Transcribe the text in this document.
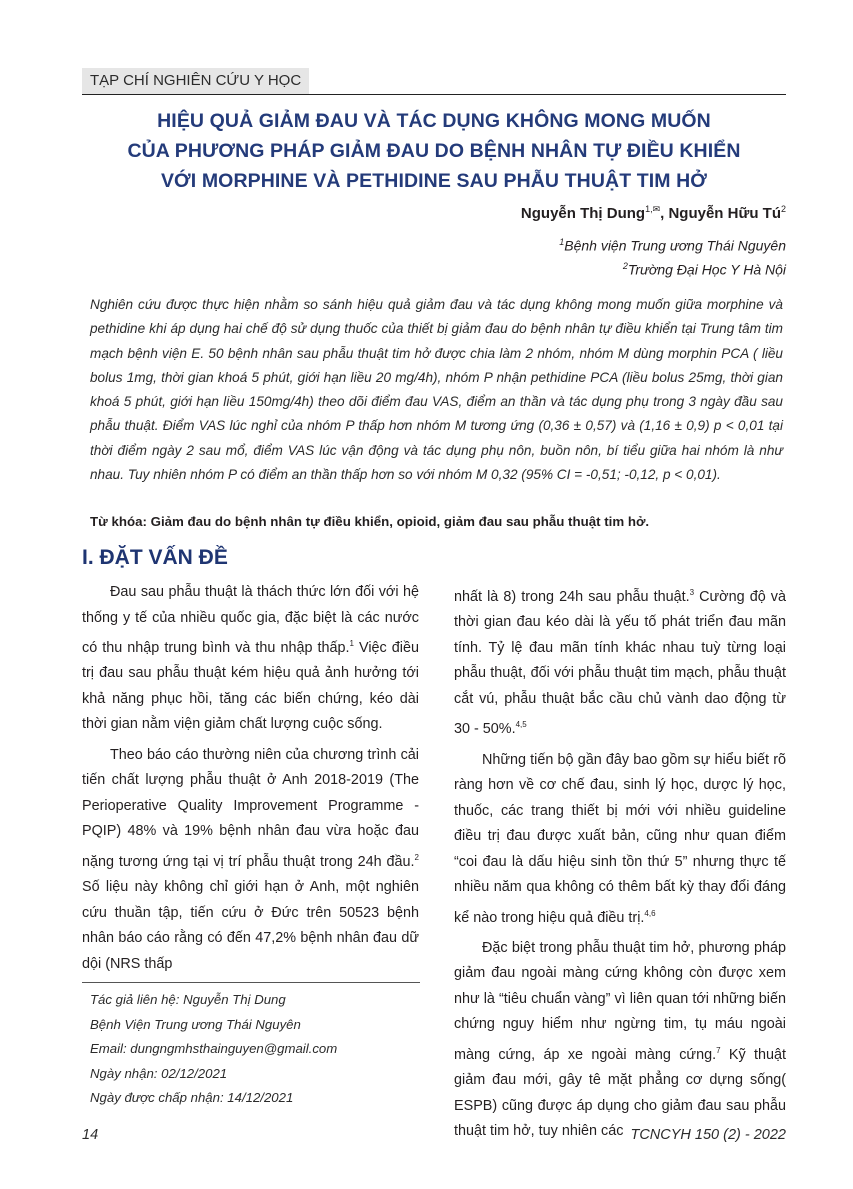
TẠP CHÍ NGHIÊN CỨU Y HỌC
HIỆU QUẢ GIẢM ĐAU VÀ TÁC DỤNG KHÔNG MONG MUỐN
CỦA PHƯƠNG PHÁP GIẢM ĐAU DO BỆNH NHÂN TỰ ĐIỀU KHIỂN
VỚI MORPHINE VÀ PETHIDINE SAU PHẪU THUẬT TIM HỞ
Nguyễn Thị Dung$^{1,✉}$, Nguyễn Hữu $Tú^2$
$^1$Bệnh viện Trung ương Thái Nguyên
$^2$Trường Đại Học Y Hà Nội
Nghiên cứu được thực hiện nhằm so sánh hiệu quả giảm đau và tác dụng không mong muốn giữa morphine và pethidine khi áp dụng hai chế độ sử dụng thuốc của thiết bị giảm đau do bệnh nhân tự điều khiển tại Trung tâm tim mạch bệnh viện E. 50 bệnh nhân sau phẫu thuật tim hở được chia làm 2 nhóm, nhóm M dùng morphin PCA ( liều bolus 1mg, thời gian khoá 5 phút, giới hạn liều 20 mg/4h), nhóm P nhận pethidine PCA (liều bolus 25mg, thời gian khoá 5 phút, giới hạn liều 150mg/4h) theo dõi điểm đau VAS, điểm an thần và tác dụng phụ trong 3 ngày đầu sau phẫu thuật. Điểm VAS lúc nghỉ của nhóm P thấp hơn nhóm M tương ứng (0,36 ± 0,57) và (1,16 ± 0,9) p < 0,01 tại thời điểm ngày 2 sau mổ, điểm VAS lúc vận động và tác dụng phụ nôn, buồn nôn, bí tiểu giữa hai nhóm là như nhau. Tuy nhiên nhóm P có điểm an thần thấp hơn so với nhóm M 0,32 (95% CI = -0,51; -0,12, p < 0,01).
Từ khóa: Giảm đau do bệnh nhân tự điều khiển, opioid, giảm đau sau phẫu thuật tim hở.
I. ĐẶT VẤN ĐỀ

Đau sau phẫu thuật là thách thức lớn đối với hệ thống y tế của nhiều quốc gia, đặc biệt là các nước có thu nhập trung bình và thu nhập thấp.$^1$ Việc điều trị đau sau phẫu thuật kém hiệu quả ảnh hưởng tới khả năng phục hồi, tăng các biến chứng, kéo dài thời gian nằm viện giảm chất lượng cuộc sống.

Theo báo cáo thường niên của chương trình cải tiến chất lượng phẫu thuật ở Anh 2018-2019 (The Perioperative Quality Improvement Programme - PQIP) 48% và 19% bệnh nhân đau vừa hoặc đau nặng tương ứng tại vị trí phẫu thuật trong 24h đầu.$^2$ Số liệu này không chỉ giới hạn ở Anh, một nghiên cứu thuần tập, tiến cứu ở Đức trên 50523 bệnh nhân báo cáo rằng có đến 47,2% bệnh nhân đau dữ dội (NRS thấp

nhất là 8) trong 24h sau phẫu thuật.$^3$ Cường độ và thời gian đau kéo dài là yếu tố phát triển đau mãn tính. Tỷ lệ đau mãn tính khác nhau tuỳ từng loại phẫu thuật, đối với phẫu thuật tim mạch, phẫu thuật cắt vú, phẫu thuật bắc cầu chủ vành dao động từ 30 - 50%.$^{4,5}$

Những tiến bộ gần đây bao gồm sự hiểu biết rõ ràng hơn về cơ chế đau, sinh lý học, dược lý học, thuốc, các trang thiết bị mới với nhiều guideline điều trị đau được xuất bản, cũng như quan điểm “coi đau là dấu hiệu sinh tồn thứ 5” nhưng thực tế nhiều năm qua không có thêm bất kỳ thay đổi đáng kể nào trong hiệu quả điều trị.$^{4,6}$

Đặc biệt trong phẫu thuật tim hở, phương pháp giảm đau ngoài màng cứng không còn được xem như là “tiêu chuẩn vàng” vì liên quan tới những biến chứng nguy hiểm như ngừng tim, tụ máu ngoài màng cứng, áp xe ngoài màng cứng.$^7$ Kỹ thuật giảm đau mới, gây tê mặt phẳng cơ dựng sống( ESPB) cũng được áp dụng cho giảm đau sau phẫu thuật tim hở, tuy nhiên các

Tác giả liên hệ: Nguyễn Thị Dung
Bệnh Viện Trung ương Thái Nguyên
Email: dungngmhsthainguyen@gmail.com
Ngày nhận: 02/12/2021
Ngày được chấp nhận: 14/12/2021
14	TCNCYH 150 (2) - 2022
